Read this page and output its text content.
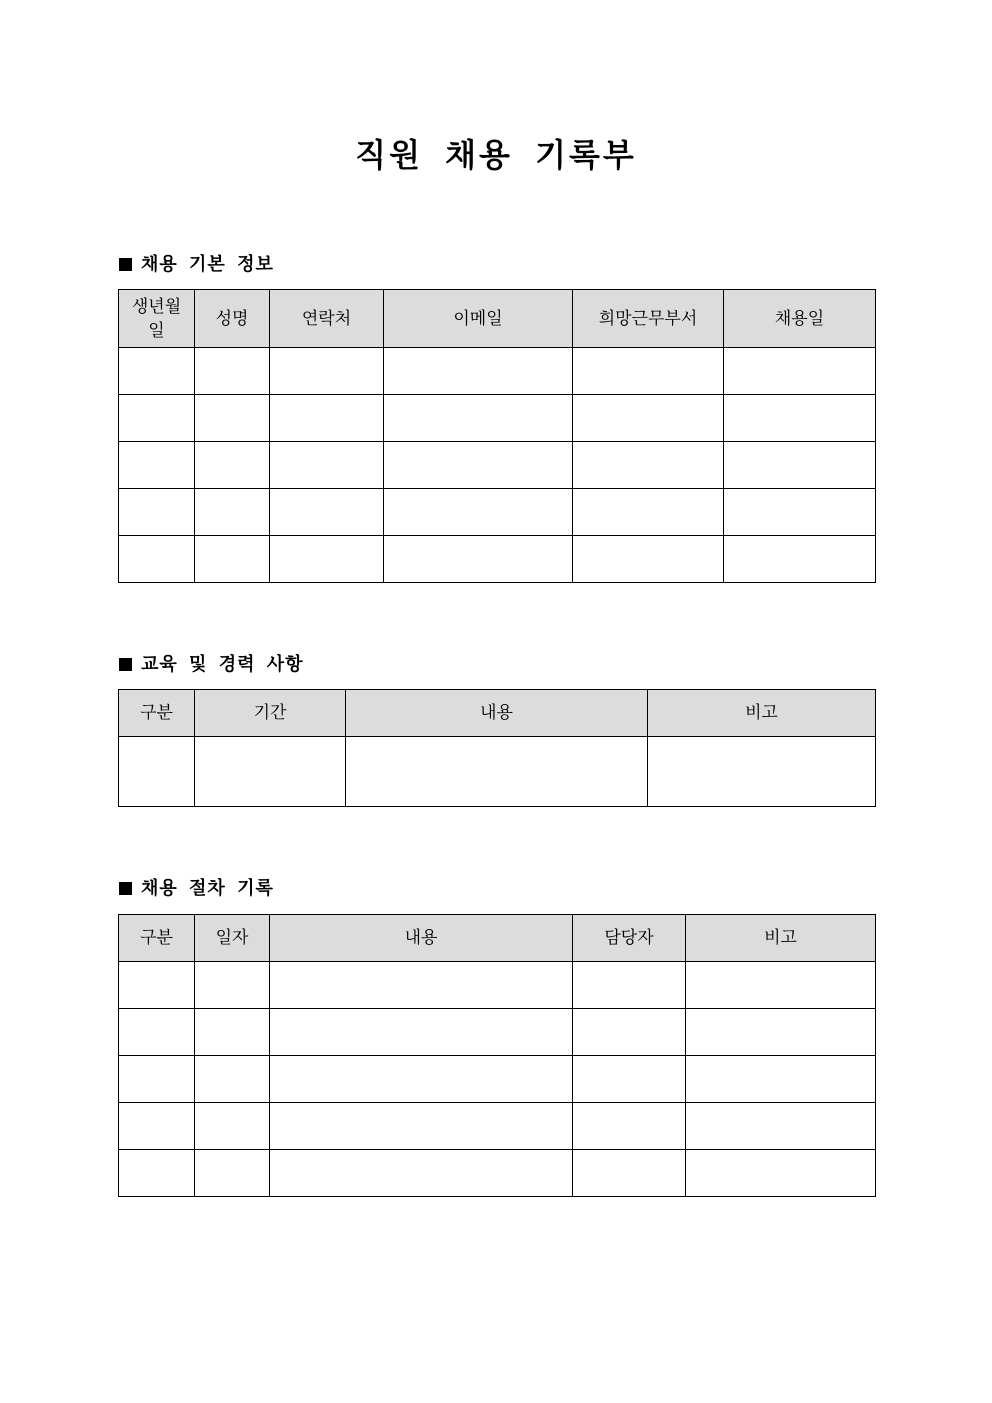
직원 채용 기록부
채용 기본 정보
생년월일	성명	연락처	이메일	희망근무부서	채용일

교육 및 경력 사항
구분	기간	내용	비고

채용 절차 기록
구분	일자	내용	담당자	비고
